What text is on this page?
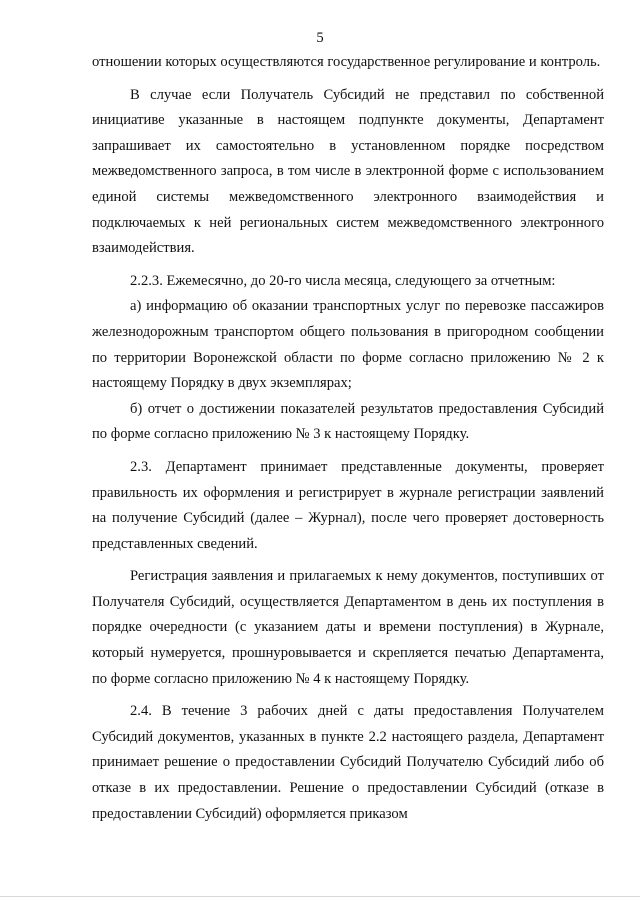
5

отношении которых осуществляются государственное регулирование и контроль.

В случае если Получатель Субсидий не представил по собственной инициативе указанные в настоящем подпункте документы, Департамент запрашивает их самостоятельно в установленном порядке посредством межведомственного запроса, в том числе в электронной форме с использованием единой системы межведомственного электронного взаимодействия и подключаемых к ней региональных систем межведомственного электронного взаимодействия.

2.2.3. Ежемесячно, до 20-го числа месяца, следующего за отчетным:

а) информацию об оказании транспортных услуг по перевозке пассажиров железнодорожным транспортом общего пользования в пригородном сообщении по территории Воронежской области по форме согласно приложению № 2 к настоящему Порядку в двух экземплярах;

б) отчет о достижении показателей результатов предоставления Субсидий по форме согласно приложению № 3 к настоящему Порядку.

2.3. Департамент принимает представленные документы, проверяет правильность их оформления и регистрирует в журнале регистрации заявлений на получение Субсидий (далее – Журнал), после чего проверяет достоверность представленных сведений.

Регистрация заявления и прилагаемых к нему документов, поступивших от Получателя Субсидий, осуществляется Департаментом в день их поступления в порядке очередности (с указанием даты и времени поступления) в Журнале, который нумеруется, прошнуровывается и скрепляется печатью Департамента, по форме согласно приложению № 4 к настоящему Порядку.

2.4. В течение 3 рабочих дней с даты предоставления Получателем Субсидий документов, указанных в пункте 2.2 настоящего раздела, Департамент принимает решение о предоставлении Субсидий Получателю Субсидий либо об отказе в их предоставлении. Решение о предоставлении Субсидий (отказе в предоставлении Субсидий) оформляется приказом
